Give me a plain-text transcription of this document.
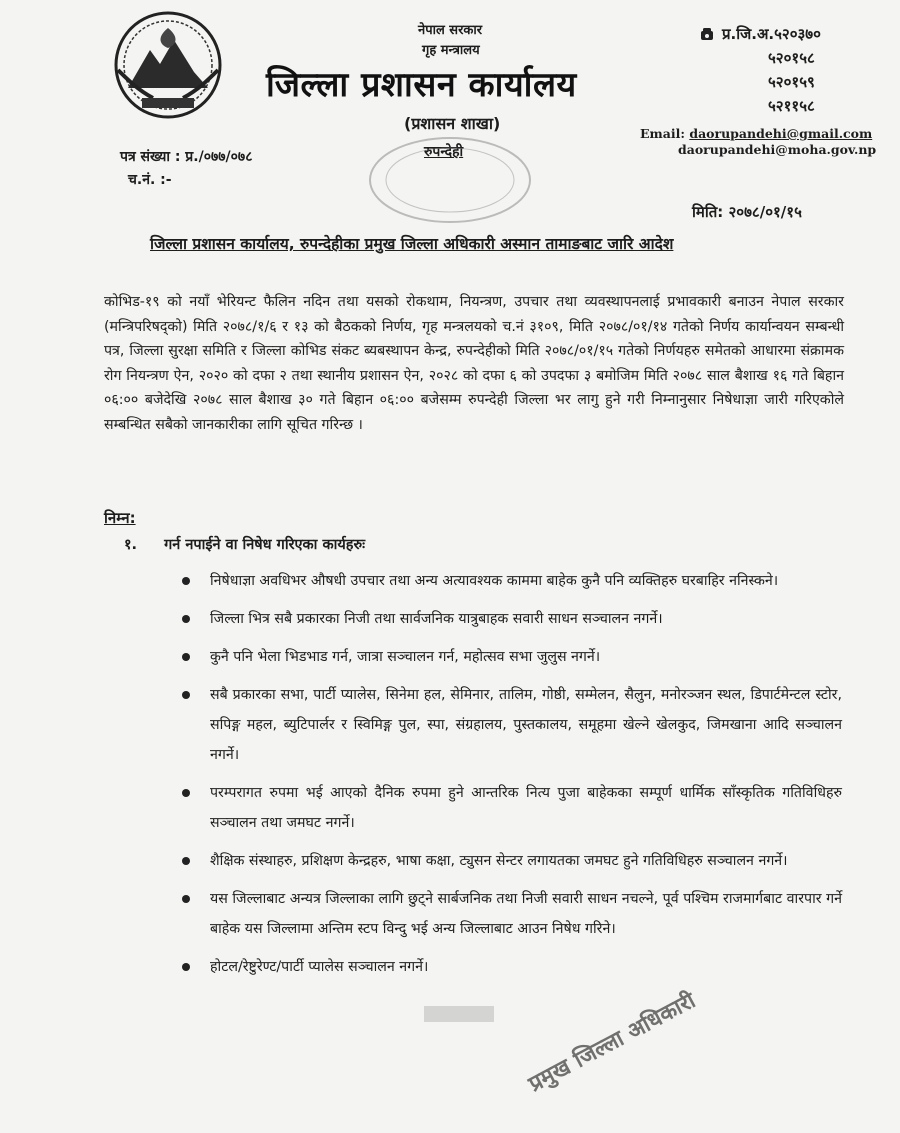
नेपाल सरकार
गृह मन्त्रालय
जिल्ला प्रशासन कार्यालय
(प्रशासन शाखा)
रुपन्देही
प्र.जि.अ.५२०३७०
५२०१५८
५२०१५९
५२११५८
Email: daorupandehi@gmail.com
daorupandehi@moha.gov.np
पत्र संख्या : प्र./०७७/०७८
च.नं. :-
मिति: २०७८/०१/१५
जिल्ला प्रशासन कार्यालय, रुपन्देहीका प्रमुख जिल्ला अधिकारी अस्मान तामाङबाट जारि आदेश
कोभिड-१९ को नयाँ भेरियन्ट फैलिन नदिन तथा यसको रोकथाम, नियन्त्रण, उपचार तथा व्यवस्थापनलाई प्रभावकारी बनाउन नेपाल सरकार (मन्त्रिपरिषद्को) मिति २०७८/१/६ र १३ को बैठकको निर्णय, गृह मन्त्रलयको च.नं ३१०९, मिति २०७८/०१/१४ गतेको निर्णय कार्यान्वयन सम्बन्धी पत्र, जिल्ला सुरक्षा समिति र जिल्ला कोभिड संकट ब्यबस्थापन केन्द्र, रुपन्देहीको मिति २०७८/०१/१५ गतेको निर्णयहरु समेतको आधारमा संक्रामक रोग नियन्त्रण ऐन, २०२० को दफा २ तथा स्थानीय प्रशासन ऐन, २०२८ को दफा ६ को उपदफा ३ बमोजिम मिति २०७८ साल बैशाख १६ गते बिहान ०६:०० बजेदेखि २०७८ साल बैशाख ३० गते बिहान ०६:०० बजेसम्म रुपन्देही जिल्ला भर लागु हुने गरी निम्नानुसार निषेधाज्ञा जारी गरिएकोले सम्बन्धित सबैको जानकारीका लागि सूचित गरिन्छ ।
निम्न:
१. गर्न नपाईने वा निषेध गरिएका कार्यहरुः
निषेधाज्ञा अवधिभर औषधी उपचार तथा अन्य अत्यावश्यक काममा बाहेक कुनै पनि व्यक्तिहरु घरबाहिर ननिस्कने।
जिल्ला भित्र सबै प्रकारका निजी तथा सार्वजनिक यात्रुबाहक सवारी साधन सञ्चालन नगर्ने।
कुनै पनि भेला भिडभाड गर्न, जात्रा सञ्चालन गर्न, महोत्सव सभा जुलुस नगर्ने।
सबै प्रकारका सभा, पार्टी प्यालेस, सिनेमा हल, सेमिनार, तालिम, गोष्ठी, सम्मेलन, सैलुन, मनोरञ्जन स्थल, डिपार्टमेन्टल स्टोर, सपिङ्ग महल, ब्युटिपार्लर र स्विमिङ्ग पुल, स्पा, संग्रहालय, पुस्तकालय, समूहमा खेल्ने खेलकुद, जिमखाना आदि सञ्चालन नगर्ने।
परम्परागत रुपमा भई आएको दैनिक रुपमा हुने आन्तरिक नित्य पुजा बाहेकका सम्पूर्ण धार्मिक साँस्कृतिक गतिविधिहरु सञ्चालन तथा जमघट नगर्ने।
शैक्षिक संस्थाहरु, प्रशिक्षण केन्द्रहरु, भाषा कक्षा, ट्युसन सेन्टर लगायतका जमघट हुने गतिविधिहरु सञ्चालन नगर्ने।
यस जिल्लाबाट अन्यत्र जिल्लाका लागि छुट्ने सार्बजनिक तथा निजी सवारी साधन नचल्ने, पूर्व पश्चिम राजमार्गबाट वारपार गर्ने बाहेक यस जिल्लामा अन्तिम स्टप विन्दु भई अन्य जिल्लाबाट आउन निषेध गरिने।
होटल/रेष्टुरेण्ट/पार्टी प्यालेस सञ्चालन नगर्ने।
प्रमुख जिल्ला अधिकारी
